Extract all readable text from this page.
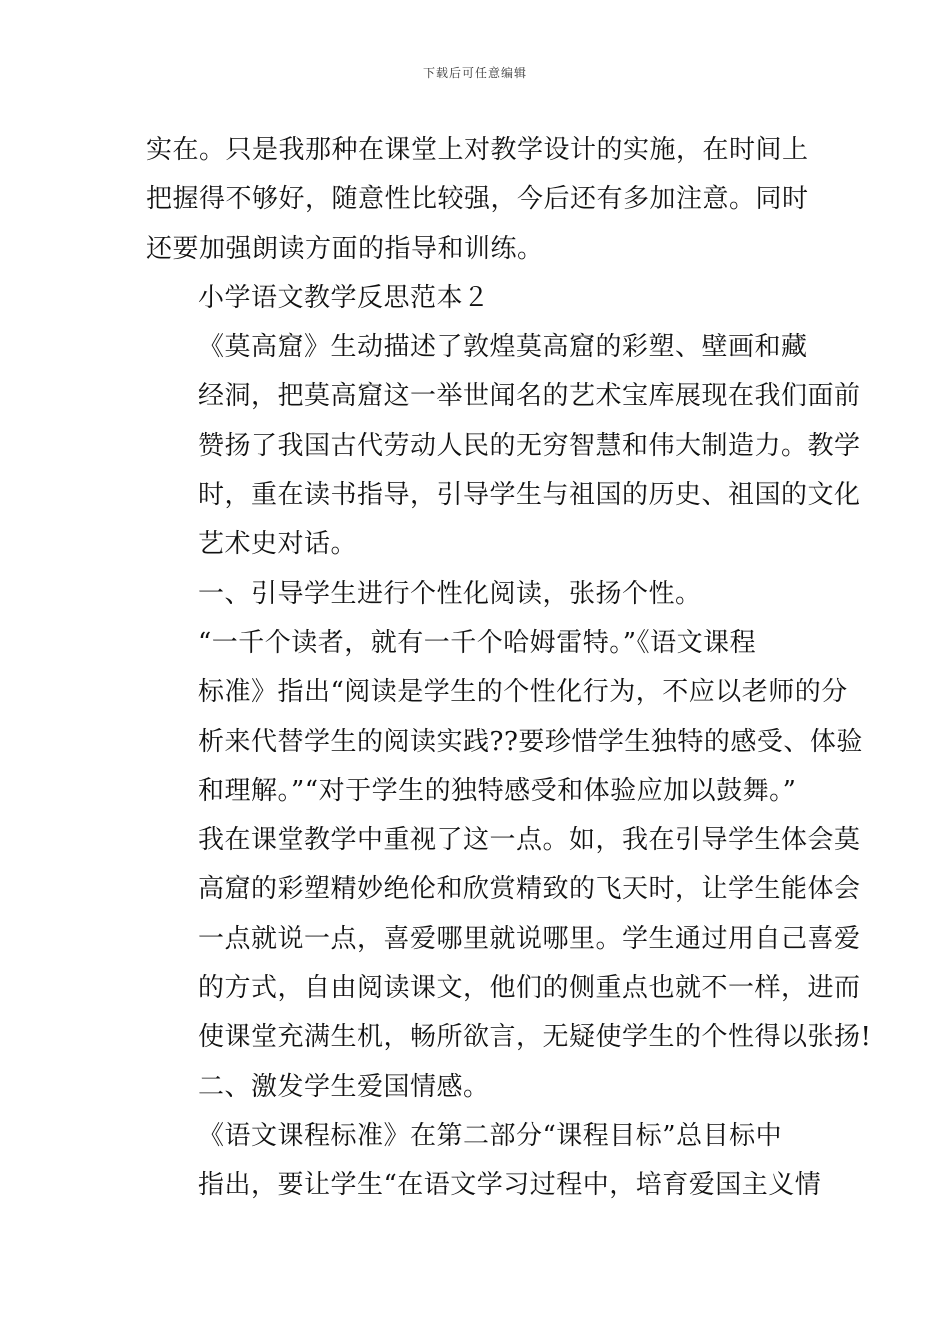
下载后可任意编辑

实在。只是我那种在课堂上对教学设计的实施，在时间上
把握得不够好，随意性比较强，今后还有多加注意。同时
还要加强朗读方面的指导和训练。

小学语文教学反思范本２

《莫高窟》生动描述了敦煌莫高窟的彩塑、壁画和藏
经洞，把莫高窟这一举世闻名的艺术宝库展现在我们面前
赞扬了我国古代劳动人民的无穷智慧和伟大制造力。教学
时，重在读书指导，引导学生与祖国的历史、祖国的文化
艺术史对话。

一、引导学生进行个性化阅读，张扬个性。

“一千个读者，就有一千个哈姆雷特。”《语文课程
标准》指出“阅读是学生的个性化行为，不应以老师的分
析来代替学生的阅读实践??要珍惜学生独特的感受、体验
和理解。”“对于学生的独特感受和体验应加以鼓舞。”
我在课堂教学中重视了这一点。如，我在引导学生体会莫
高窟的彩塑精妙绝伦和欣赏精致的飞天时，让学生能体会
一点就说一点，喜爱哪里就说哪里。学生通过用自己喜爱
的方式，自由阅读课文，他们的侧重点也就不一样，进而
使课堂充满生机，畅所欲言，无疑使学生的个性得以张扬!

二、激发学生爱国情感。

《语文课程标准》在第二部分“课程目标”总目标中
指出，要让学生“在语文学习过程中，培育爱国主义情
